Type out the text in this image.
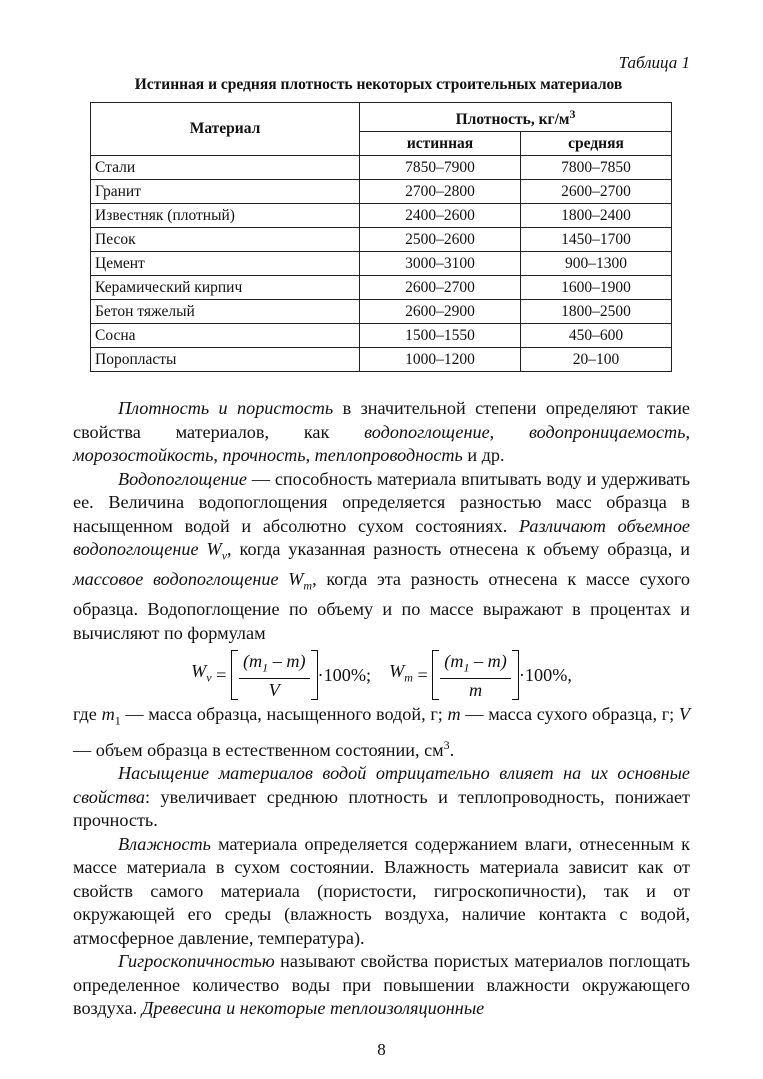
Таблица 1
Истинная и средняя плотность некоторых строительных материалов
Материал	Плотность, $кг/м^3$
	истинная	средняя
Стали	7850–7900	7800–7850
Гранит	2700–2800	2600–2700
Известняк (плотный)	2400–2600	1800–2400
Песок	2500–2600	1450–1700
Цемент	3000–3100	900–1300
Керамический кирпич	2600–2700	1600–1900
Бетон тяжелый	2600–2900	1800–2500
Сосна	1500–1550	450–600
Поропласты	1000–1200	20–100

Плотность и пористость в значительной степени определяют такие свойства материалов, как водопоглощение, водопроницаемость, морозостойкость, прочность, теплопроводность и др.

Водопоглощение — способность материала впитывать воду и удерживать ее. Величина водопоглощения определяется разностью масс образца в насыщенном водой и абсолютно сухом состояниях. Различают объемное водопоглощение $W_v$, когда указанная разность отнесена к объему образца, и массовое водопоглощение $W_m$, когда эта разность отнесена к массе сухого образца. Водопоглощение по объему и по массе выражают в процентах и вычисляют по формулам

$W_v$
=
$\frac{(m_1 - m)}{V} \cdot 100\%$; $W_m$
=
$\frac{(m_1 - m)}{m} \cdot 100\%$,

где $m_1$ — масса образца, насыщенного водой, г; m — масса сухого образца, г; V — объем образца в естественном состоянии, $см^3$.

Насыщение материалов водой отрицательно влияет на их основные свойства: увеличивает среднюю плотность и теплопроводность, понижает прочность.

Влажность материала определяется содержанием влаги, отнесенным к массе материала в сухом состоянии. Влажность материала зависит как от свойств самого материала (пористости, гигроскопичности), так и от окружающей его среды (влажность воздуха, наличие контакта с водой, атмосферное давление, температура).

Гигроскопичностью называют свойства пористых материалов поглощать определенное количество воды при повышении влажности окружающего воздуха. Древесина и некоторые теплоизоляционные

8
